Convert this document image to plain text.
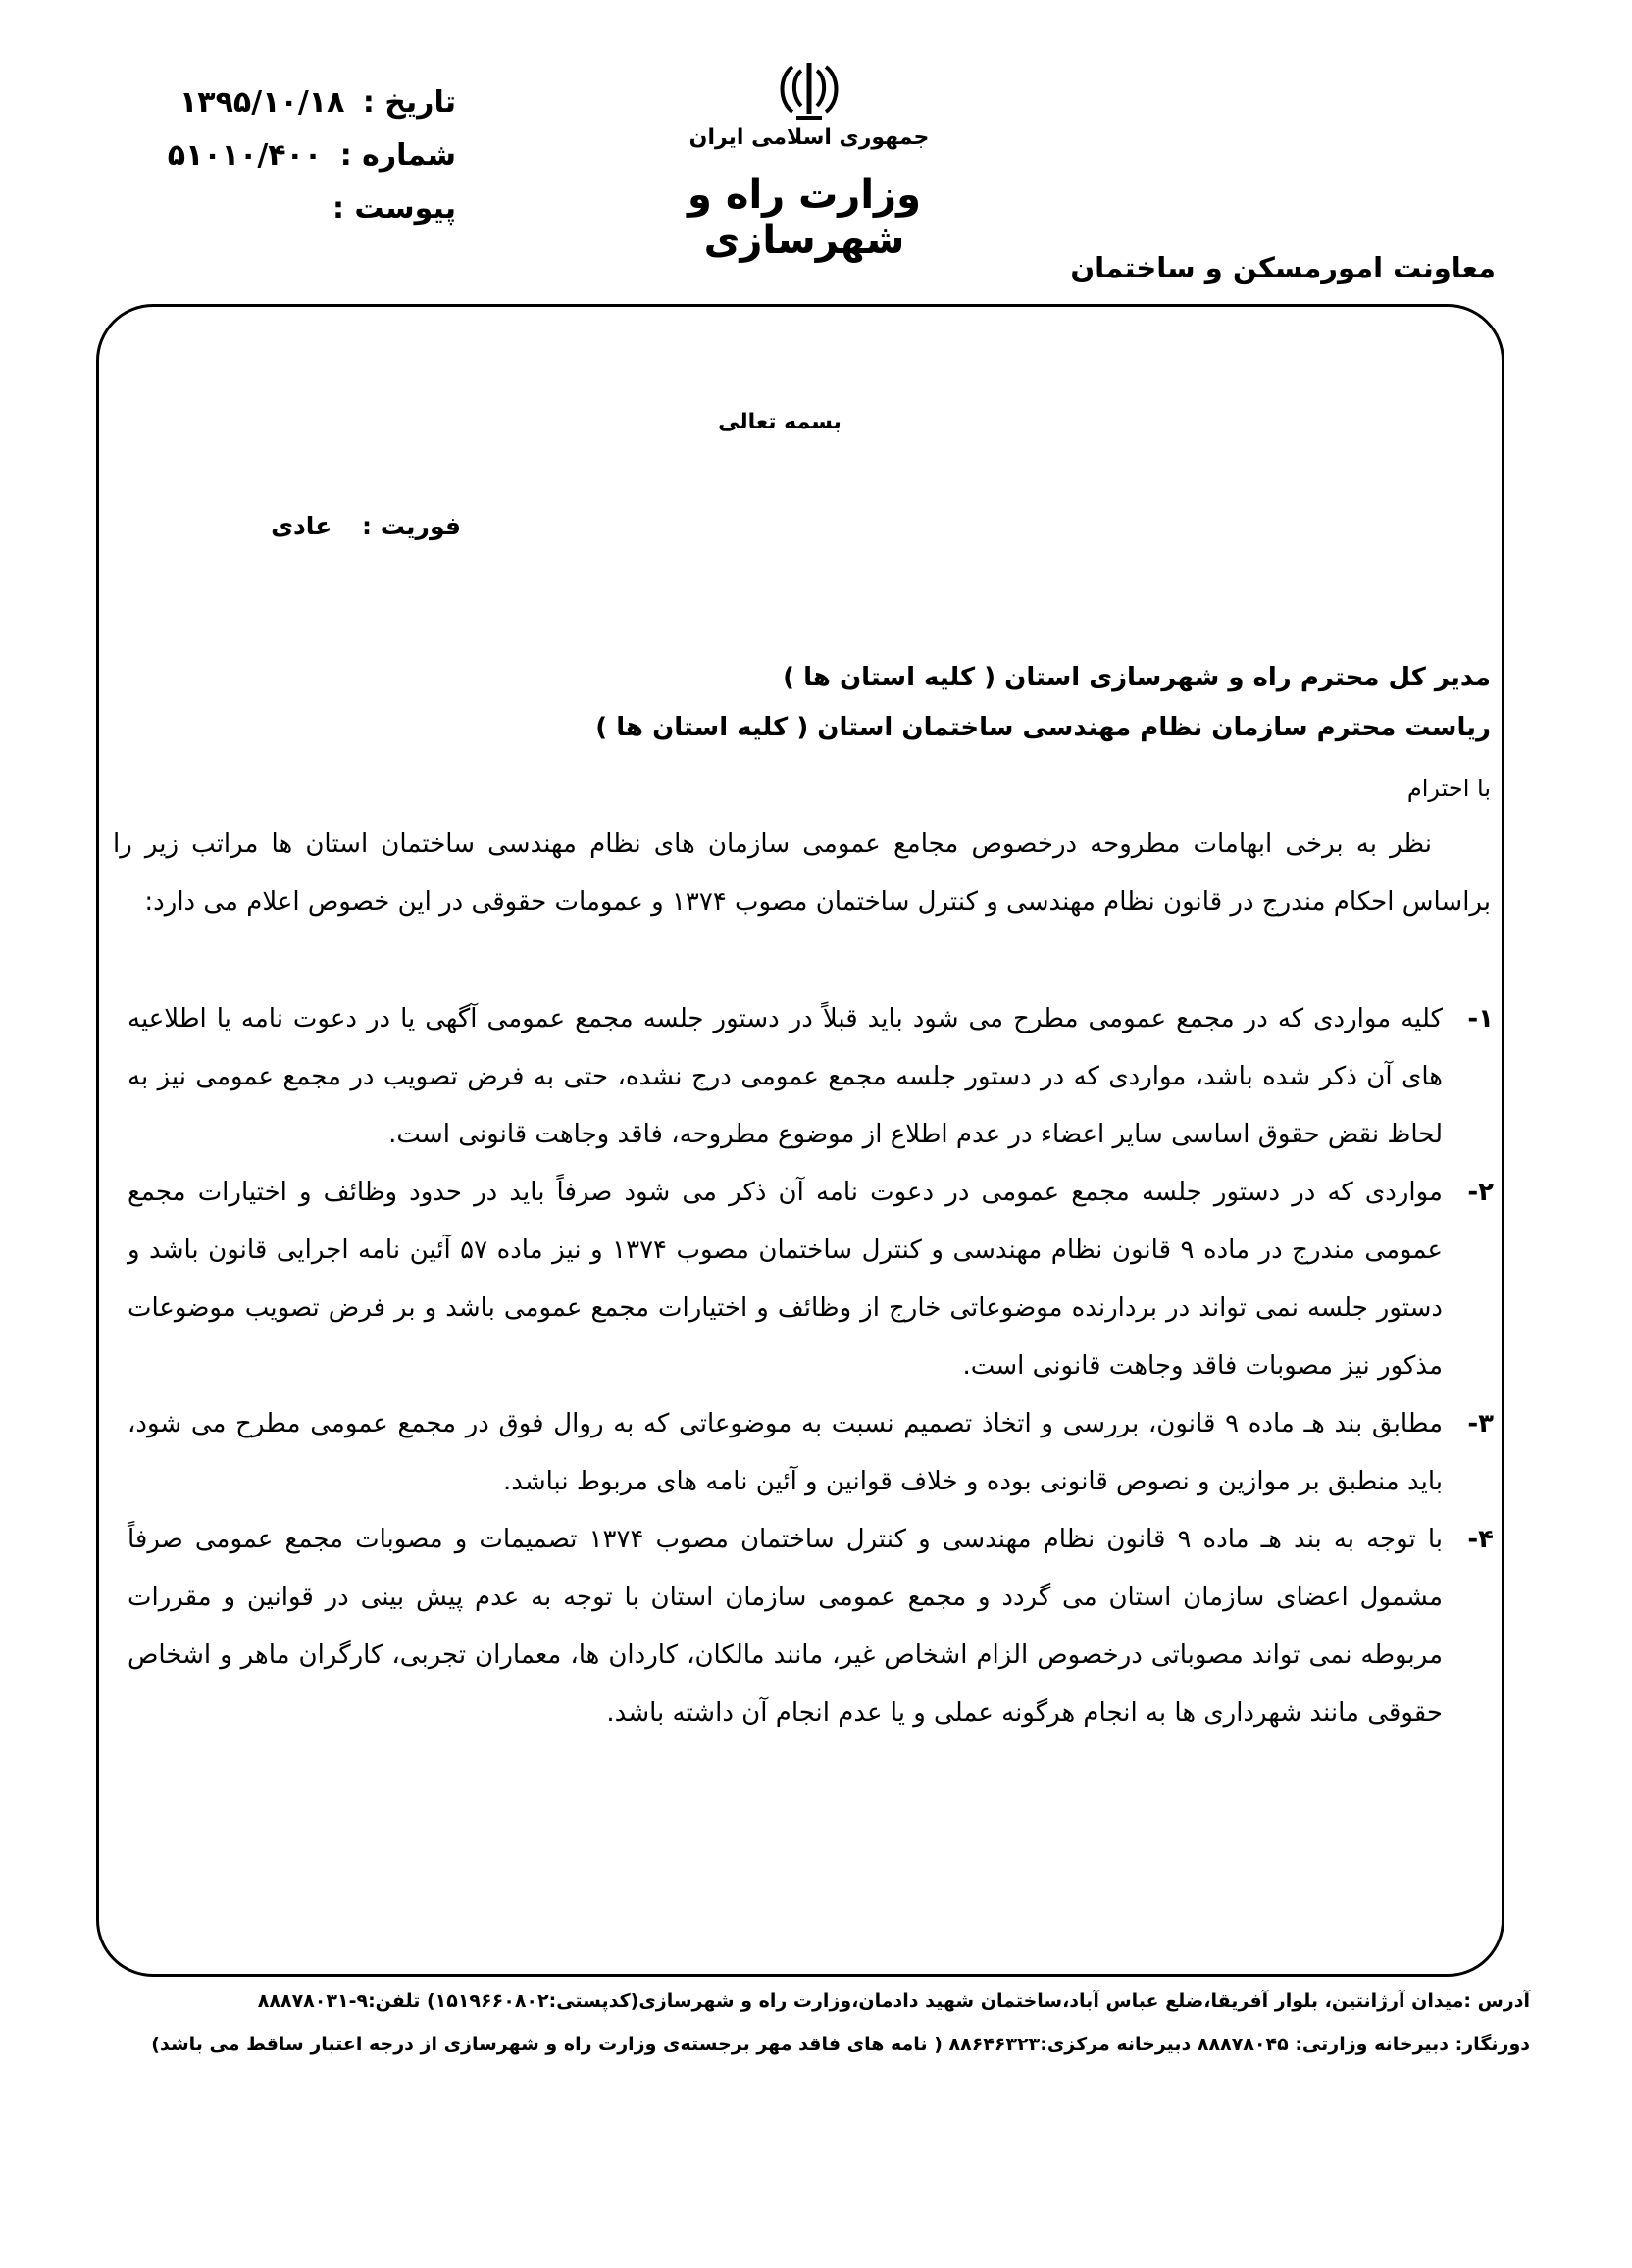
تاریخ : ۱۳۹۵/۱۰/۱۸
شماره : ۵۱۰۱۰/۴۰۰
پیوست :
جمهوری اسلامی ایران
وزارت راه و شهرسازی
معاونت امورمسکن و ساختمان
بسمه تعالی
فوریت : عادی
مدیر کل محترم راه و شهرسازی استان ( کلیه استان ها )
ریاست محترم سازمان نظام مهندسی ساختمان استان ( کلیه استان ها )
با احترام

نظر به برخی ابهامات مطروحه درخصوص مجامع عمومی سازمان های نظام مهندسی ساختمان استان ها مراتب زیر را براساس احکام مندرج در قانون نظام مهندسی و کنترل ساختمان مصوب ۱۳۷۴ و عمومات حقوقی در این خصوص اعلام می دارد:

۱-
کلیه مواردی که در مجمع عمومی مطرح می شود باید قبلاً در دستور جلسه مجمع عمومی آگهی یا در دعوت نامه یا اطلاعیه های آن ذکر شده باشد، مواردی که در دستور جلسه مجمع عمومی درج نشده، حتی به فرض تصویب در مجمع عمومی نیز به لحاظ نقض حقوق اساسی سایر اعضاء در عدم اطلاع از موضوع مطروحه، فاقد وجاهت قانونی است.
۲-
مواردی که در دستور جلسه مجمع عمومی در دعوت نامه آن ذکر می شود صرفاً باید در حدود وظائف و اختیارات مجمع عمومی مندرج در ماده ۹ قانون نظام مهندسی و کنترل ساختمان مصوب ۱۳۷۴ و نیز ماده ۵۷ آئین نامه اجرایی قانون باشد و دستور جلسه نمی تواند در بردارنده موضوعاتی خارج از وظائف و اختیارات مجمع عمومی باشد و بر فرض تصویب موضوعات مذکور نیز مصوبات فاقد وجاهت قانونی است.
۳-
مطابق بند هـ ماده ۹ قانون، بررسی و اتخاذ تصمیم نسبت به موضوعاتی که به روال فوق در مجمع عمومی مطرح می شود، باید منطبق بر موازین و نصوص قانونی بوده و خلاف قوانین و آئین نامه های مربوط نباشد.
۴-
با توجه به بند هـ ماده ۹ قانون نظام مهندسی و کنترل ساختمان مصوب ۱۳۷۴ تصمیمات و مصوبات مجمع عمومی صرفاً مشمول اعضای سازمان استان می گردد و مجمع عمومی سازمان استان با توجه به عدم پیش بینی در قوانین و مقررات مربوطه نمی تواند مصوباتی درخصوص الزام اشخاص غیر، مانند مالکان، کاردان ها، معماران تجربی، کارگران ماهر و اشخاص حقوقی مانند شهرداری ها به انجام هرگونه عملی و یا عدم انجام آن داشته باشد.
آدرس :میدان آرژانتین، بلوار آفریقا،ضلع عباس آباد،ساختمان شهید دادمان،وزارت راه و شهرسازی(کدپستی:۱۵۱۹۶۶۰۸۰۲) تلفن:۹-۸۸۸۷۸۰۳۱
دورنگار: دبیرخانه وزارتی: ۸۸۸۷۸۰۴۵ دبیرخانه مرکزی:۸۸۶۴۶۳۲۳ ( نامه های فاقد مهر برجسته‌ی وزارت راه و شهرسازی از درجه اعتبار ساقط می باشد)
